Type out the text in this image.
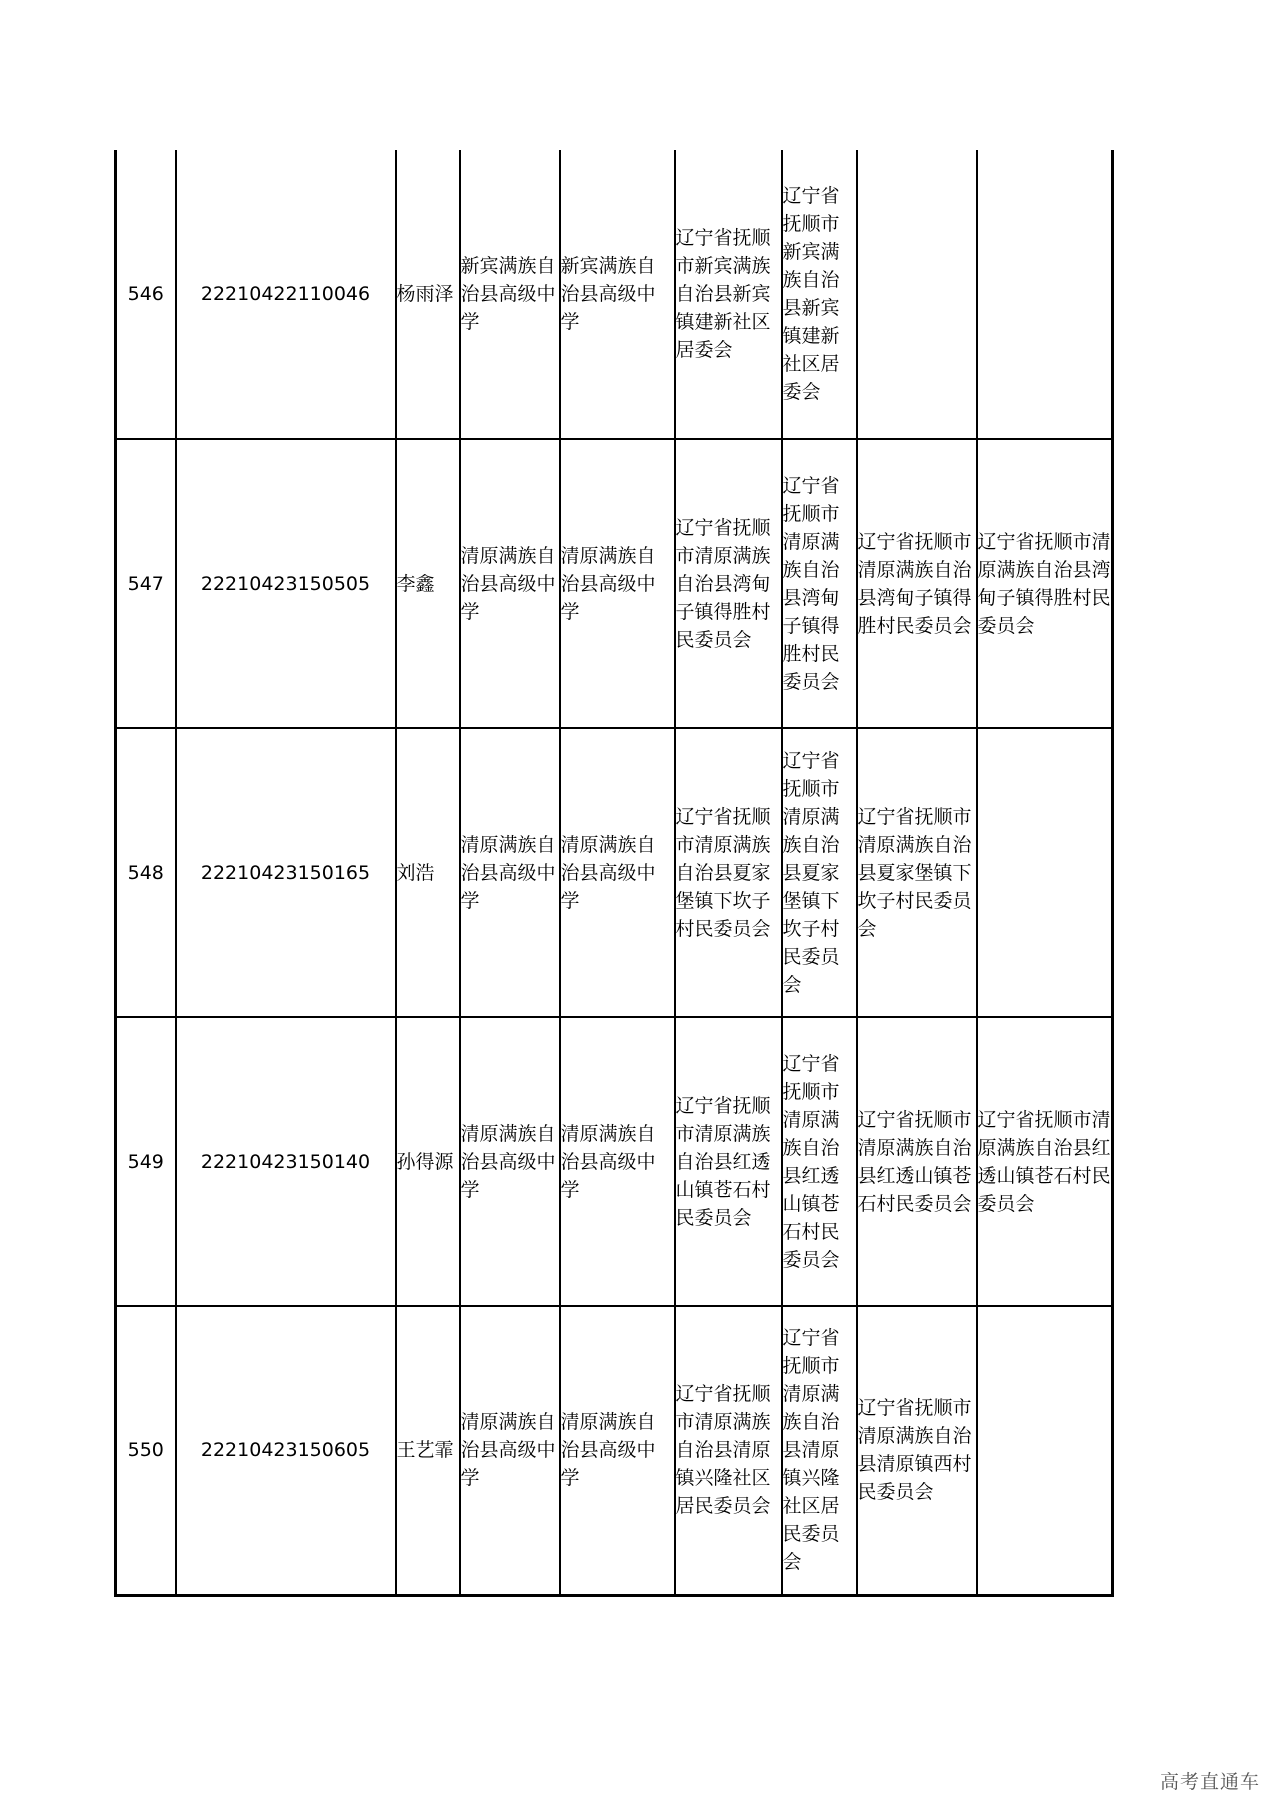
546	22210422110046	杨雨泽	新宾满族自治县高级中学	新宾满族自治县高级中学	辽宁省抚顺市新宾满族自治县新宾镇建新社区居委会	辽宁省抚顺市新宾满族自治县新宾镇建新社区居委会		

547	22210423150505	李鑫	清原满族自治县高级中学	清原满族自治县高级中学	辽宁省抚顺市清原满族自治县湾甸子镇得胜村民委员会	辽宁省抚顺市清原满族自治县湾甸子镇得胜村民委员会	辽宁省抚顺市清原满族自治县湾甸子镇得胜村民委员会	辽宁省抚顺市清原满族自治县湾甸子镇得胜村民委员会

548	22210423150165	刘浩	清原满族自治县高级中学	清原满族自治县高级中学	辽宁省抚顺市清原满族自治县夏家堡镇下坎子村民委员会	辽宁省抚顺市清原满族自治县夏家堡镇下坎子村民委员会	辽宁省抚顺市清原满族自治县夏家堡镇下坎子村民委员会	

549	22210423150140	孙得源	清原满族自治县高级中学	清原满族自治县高级中学	辽宁省抚顺市清原满族自治县红透山镇苍石村民委员会	辽宁省抚顺市清原满族自治县红透山镇苍石村民委员会	辽宁省抚顺市清原满族自治县红透山镇苍石村民委员会	辽宁省抚顺市清原满族自治县红透山镇苍石村民委员会

550	22210423150605	王艺霏	清原满族自治县高级中学	清原满族自治县高级中学	辽宁省抚顺市清原满族自治县清原镇兴隆社区居民委员会	辽宁省抚顺市清原满族自治县清原镇兴隆社区居民委员会	辽宁省抚顺市清原满族自治县清原镇西村民委员会	

高考直通车
